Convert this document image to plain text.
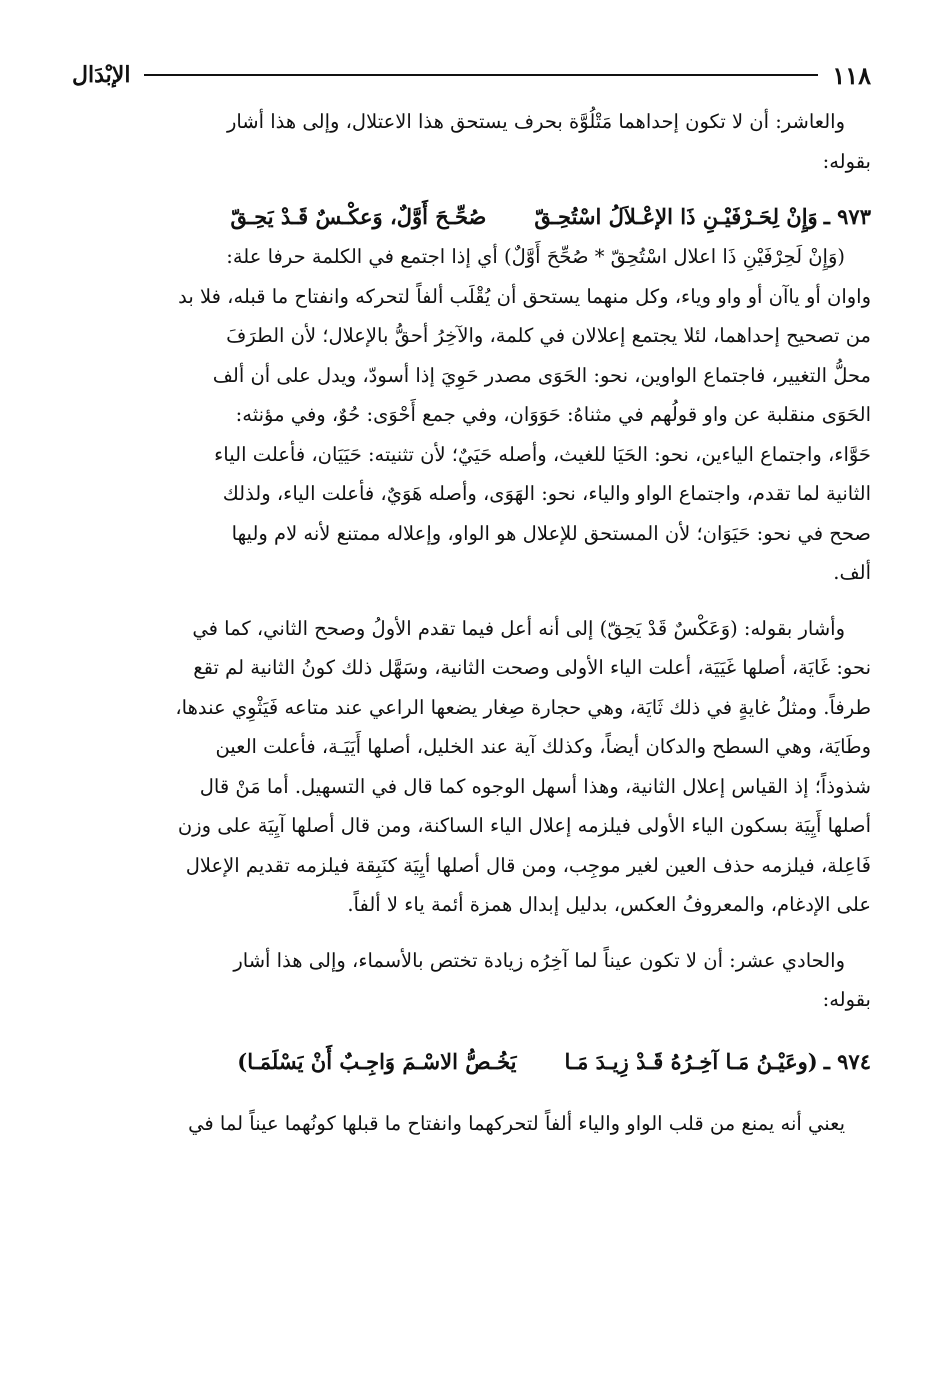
١١٨
الإبْدَال

والعاشر: أن لا تكون إحداهما مَتْلُوَّة بحرف يستحق هذا الاعتلال، وإلى هذا أشار

بقوله:

٩٧٣ ـ
وَإِنْ لِحَـرْفَيْـنِ ذَا الإعْـلاَلُ اسْتُحِـقّ
صُحِّـحَ أَوَّلٌ، وَعكْـسٌ قَـدْ يَحِـقّ

(وَإِنْ لَحِرْفَيْنِ ذَا اعلال اسْتُحِقّ * صُحِّحَ أَوَّلٌ) أي إذا اجتمع في الكلمة حرفا علة:

واوان أو ياآن أو واو وياء، وكل منهما يستحق أن يُقْلَب ألفاً لتحركه وانفتاح ما قبله، فلا بد

من تصحيح إحداهما، لئلا يجتمع إعلالان في كلمة، والآخِرُ أحقُّ بالإعلال؛ لأن الطرَفَ

محلُّ التغيير، فاجتماع الواوين، نحو: الحَوَى مصدر حَوِيَ إذا أسودّ، ويدل على أن ألف

الحَوَى منقلبة عن واو قولُهم في مثناهُ: حَوَوَان، وفي جمع أَحْوَى: حُوٌ، وفي مؤنثه:

حَوَّاء، واجتماع الياءين، نحو: الحَيَا للغيث، وأصله حَيَيٌ؛ لأن تثنيته: حَيَيَان، فأعلت الياء

الثانية لما تقدم، واجتماع الواو والياء، نحو: الهَوَى، وأصله هَوَيٌ، فأعلت الياء، ولذلك

صحح في نحو: حَيَوَان؛ لأن المستحق للإعلال هو الواو، وإعلاله ممتنع لأنه لام وليها

ألف.

وأشار بقوله: (وَعَكْسٌ قَدْ يَحِقّ) إلى أنه أعل فيما تقدم الأولُ وصحح الثاني، كما في

نحو: غَايَة، أصلها غَيَيَة، أعلت الياء الأولى وصحت الثانية، وسَهَّل ذلك كونُ الثانية لم تقع

طرفاً. ومثلُ غايةٍ في ذلك ثَايَة، وهي حجارة صِغار يضعها الراعي عند متاعه فَيَثْوِي عندها،

وطَايَة، وهي السطح والدكان أيضاً، وكذلك آية عند الخليل، أصلها أَيَيَـة، فأعلت العين

شذوذاً؛ إذ القياس إعلال الثانية، وهذا أسهل الوجوه كما قال في التسهيل. أما مَنْ قال

أصلها أَيِيَة بسكون الياء الأولى فيلزمه إعلال الياء الساكنة، ومن قال أصلها آيِيَة على وزن

فَاعِلة، فيلزمه حذف العين لغير موجِب، ومن قال أصلها أيِيَة كنَبِقة فيلزمه تقديم الإعلال

على الإدغام، والمعروفُ العكس، بدليل إبدال همزة أئمة ياء لا ألفاً.

والحادي عشر: أن لا تكون عيناً لما آخِرُه زيادة تختص بالأسماء، وإلى هذا أشار

بقوله:

٩٧٤ ـ
(وعَيْـنُ مَـا آخِـرُهُ قَـدْ زِيـدَ مَـا
يَخُـصُّ الاسْـمَ وَاجِـبٌ أَنْ يَسْلَمَـا)

يعني أنه يمنع من قلب الواو والياء ألفاً لتحركهما وانفتاح ما قبلها كونُهما عيناً لما في
